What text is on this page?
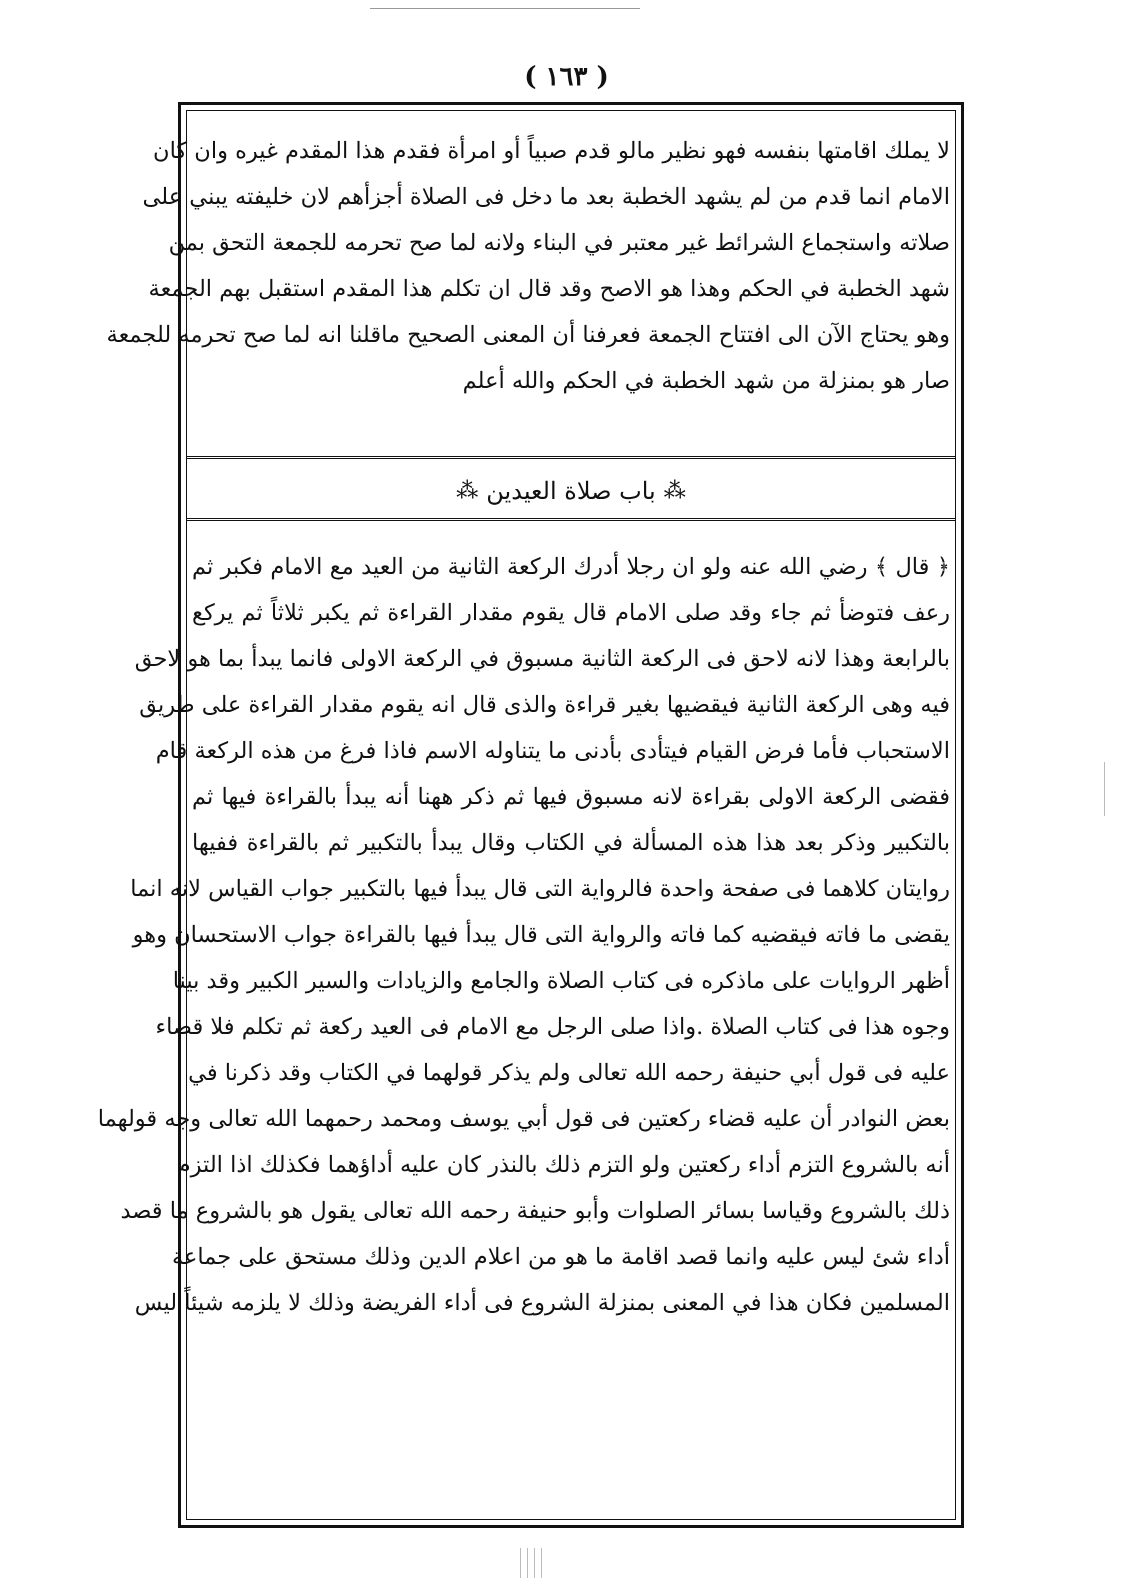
( ١٦٣ )
لا يملك اقامتها بنفسه فهو نظير مالو قدم صبياً أو امرأة فقدم هذا المقدم غيره وان كان
الامام انما قدم من لم يشهد الخطبة بعد ما دخل فى الصلاة أجزأهم لان خليفته يبني على
صلاته واستجماع الشرائط غير معتبر في البناء ولانه لما صح تحرمه للجمعة التحق بمن
شهد الخطبة في الحكم وهذا هو الاصح وقد قال ان تكلم هذا المقدم استقبل بهم الجمعة
وهو يحتاج الآن الى افتتاح الجمعة فعرفنا أن المعنى الصحيح ماقلنا انه لما صح تحرمه للجمعة
صار هو بمنزلة من شهد الخطبة في الحكم والله أعلم
⁂
باب صلاة العيدين
⁂
﴿ قال ﴾ رضي الله عنه ولو ان رجلا أدرك الركعة الثانية من العيد مع الامام فكبر ثم
رعف فتوضأ ثم جاء وقد صلى الامام قال يقوم مقدار القراءة ثم يكبر ثلاثاً ثم يركع
بالرابعة وهذا لانه لاحق فى الركعة الثانية مسبوق في الركعة الاولى فانما يبدأ بما هو لاحق
فيه وهى الركعة الثانية فيقضيها بغير قراءة والذى قال انه يقوم مقدار القراءة على طريق
الاستحباب فأما فرض القيام فيتأدى بأدنى ما يتناوله الاسم فاذا فرغ من هذه الركعة قام
فقضى الركعة الاولى بقراءة لانه مسبوق فيها ثم ذكر ههنا أنه يبدأ بالقراءة فيها ثم
بالتكبير وذكر بعد هذا هذه المسألة في الكتاب وقال يبدأ بالتكبير ثم بالقراءة ففيها
روايتان كلاهما فى صفحة واحدة فالرواية التى قال يبدأ فيها بالتكبير جواب القياس لانه انما
يقضى ما فاته فيقضيه كما فاته والرواية التى قال يبدأ فيها بالقراءة جواب الاستحسان وهو
أظهر الروايات على ماذكره فى كتاب الصلاة والجامع والزيادات والسير الكبير وقد بينا
وجوه هذا فى كتاب الصلاة .واذا صلى الرجل مع الامام فى العيد ركعة ثم تكلم فلا قضاء
عليه فى قول أبي حنيفة رحمه الله تعالى ولم يذكر قولهما في الكتاب وقد ذكرنا في
بعض النوادر أن عليه قضاء ركعتين فى قول أبي يوسف ومحمد رحمهما الله تعالى وجه قولهما
أنه بالشروع التزم أداء ركعتين ولو التزم ذلك بالنذر كان عليه أداؤهما فكذلك اذا التزم
ذلك بالشروع وقياسا بسائر الصلوات وأبو حنيفة رحمه الله تعالى يقول هو بالشروع ما قصد
أداء شئ ليس عليه وانما قصد اقامة ما هو من اعلام الدين وذلك مستحق على جماعة
المسلمين فكان هذا في المعنى بمنزلة الشروع فى أداء الفريضة وذلك لا يلزمه شيئاً ليس
